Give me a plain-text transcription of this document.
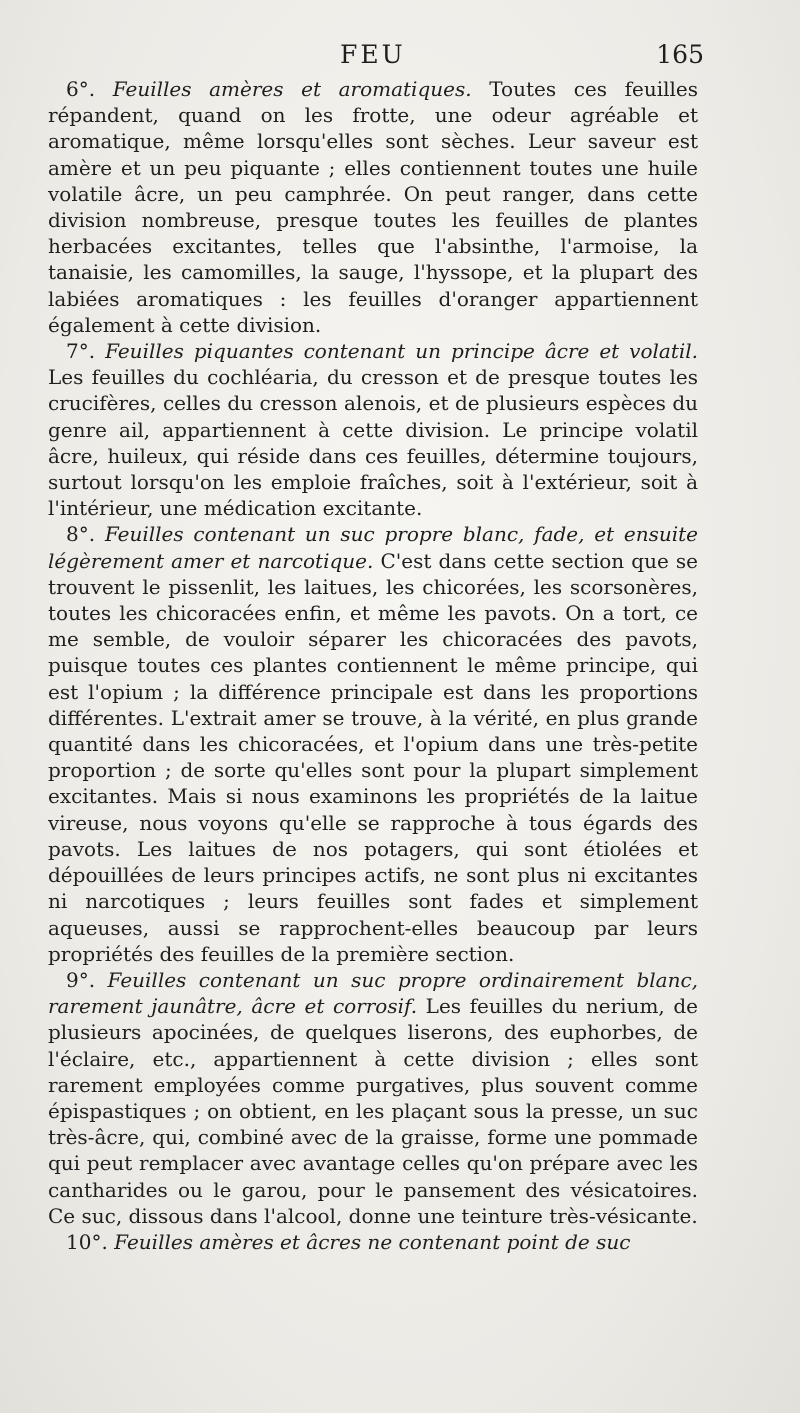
FEU	165

6°. Feuilles amères et aromatiques. Toutes ces feuilles répandent, quand on les frotte, une odeur agréable et aromatique, même lorsqu'elles sont sèches. Leur saveur est amère et un peu piquante ; elles contiennent toutes une huile volatile âcre, un peu camphrée. On peut ranger, dans cette division nombreuse, presque toutes les feuilles de plantes herbacées excitantes, telles que l'absinthe, l'armoise, la tanaisie, les camomilles, la sauge, l'hyssope, et la plupart des labiées aromatiques : les feuilles d'oranger appartiennent également à cette division.

7°. Feuilles piquantes contenant un principe âcre et volatil. Les feuilles du cochléaria, du cresson et de presque toutes les crucifères, celles du cresson alenois, et de plusieurs espèces du genre ail, appartiennent à cette division. Le principe volatil âcre, huileux, qui réside dans ces feuilles, détermine toujours, surtout lorsqu'on les emploie fraîches, soit à l'extérieur, soit à l'intérieur, une médication excitante.

8°. Feuilles contenant un suc propre blanc, fade, et ensuite légèrement amer et narcotique. C'est dans cette section que se trouvent le pissenlit, les laitues, les chicorées, les scorsonères, toutes les chicoracées enfin, et même les pavots. On a tort, ce me semble, de vouloir séparer les chicoracées des pavots, puisque toutes ces plantes contiennent le même principe, qui est l'opium ; la différence principale est dans les proportions différentes. L'extrait amer se trouve, à la vérité, en plus grande quantité dans les chicoracées, et l'opium dans une très-petite proportion ; de sorte qu'elles sont pour la plupart simplement excitantes. Mais si nous examinons les propriétés de la laitue vireuse, nous voyons qu'elle se rapproche à tous égards des pavots. Les laitues de nos potagers, qui sont étiolées et dépouillées de leurs principes actifs, ne sont plus ni excitantes ni narcotiques ; leurs feuilles sont fades et simplement aqueuses, aussi se rapprochent-elles beaucoup par leurs propriétés des feuilles de la première section.

9°. Feuilles contenant un suc propre ordinairement blanc, rarement jaunâtre, âcre et corrosif. Les feuilles du nerium, de plusieurs apocinées, de quelques liserons, des euphorbes, de l'éclaire, etc., appartiennent à cette division ; elles sont rarement employées comme purgatives, plus souvent comme épispastiques ; on obtient, en les plaçant sous la presse, un suc très-âcre, qui, combiné avec de la graisse, forme une pommade qui peut remplacer avec avantage celles qu'on prépare avec les cantharides ou le garou, pour le pansement des vésicatoires. Ce suc, dissous dans l'alcool, donne une teinture très-vésicante.

10°. Feuilles amères et âcres ne contenant point de suc
